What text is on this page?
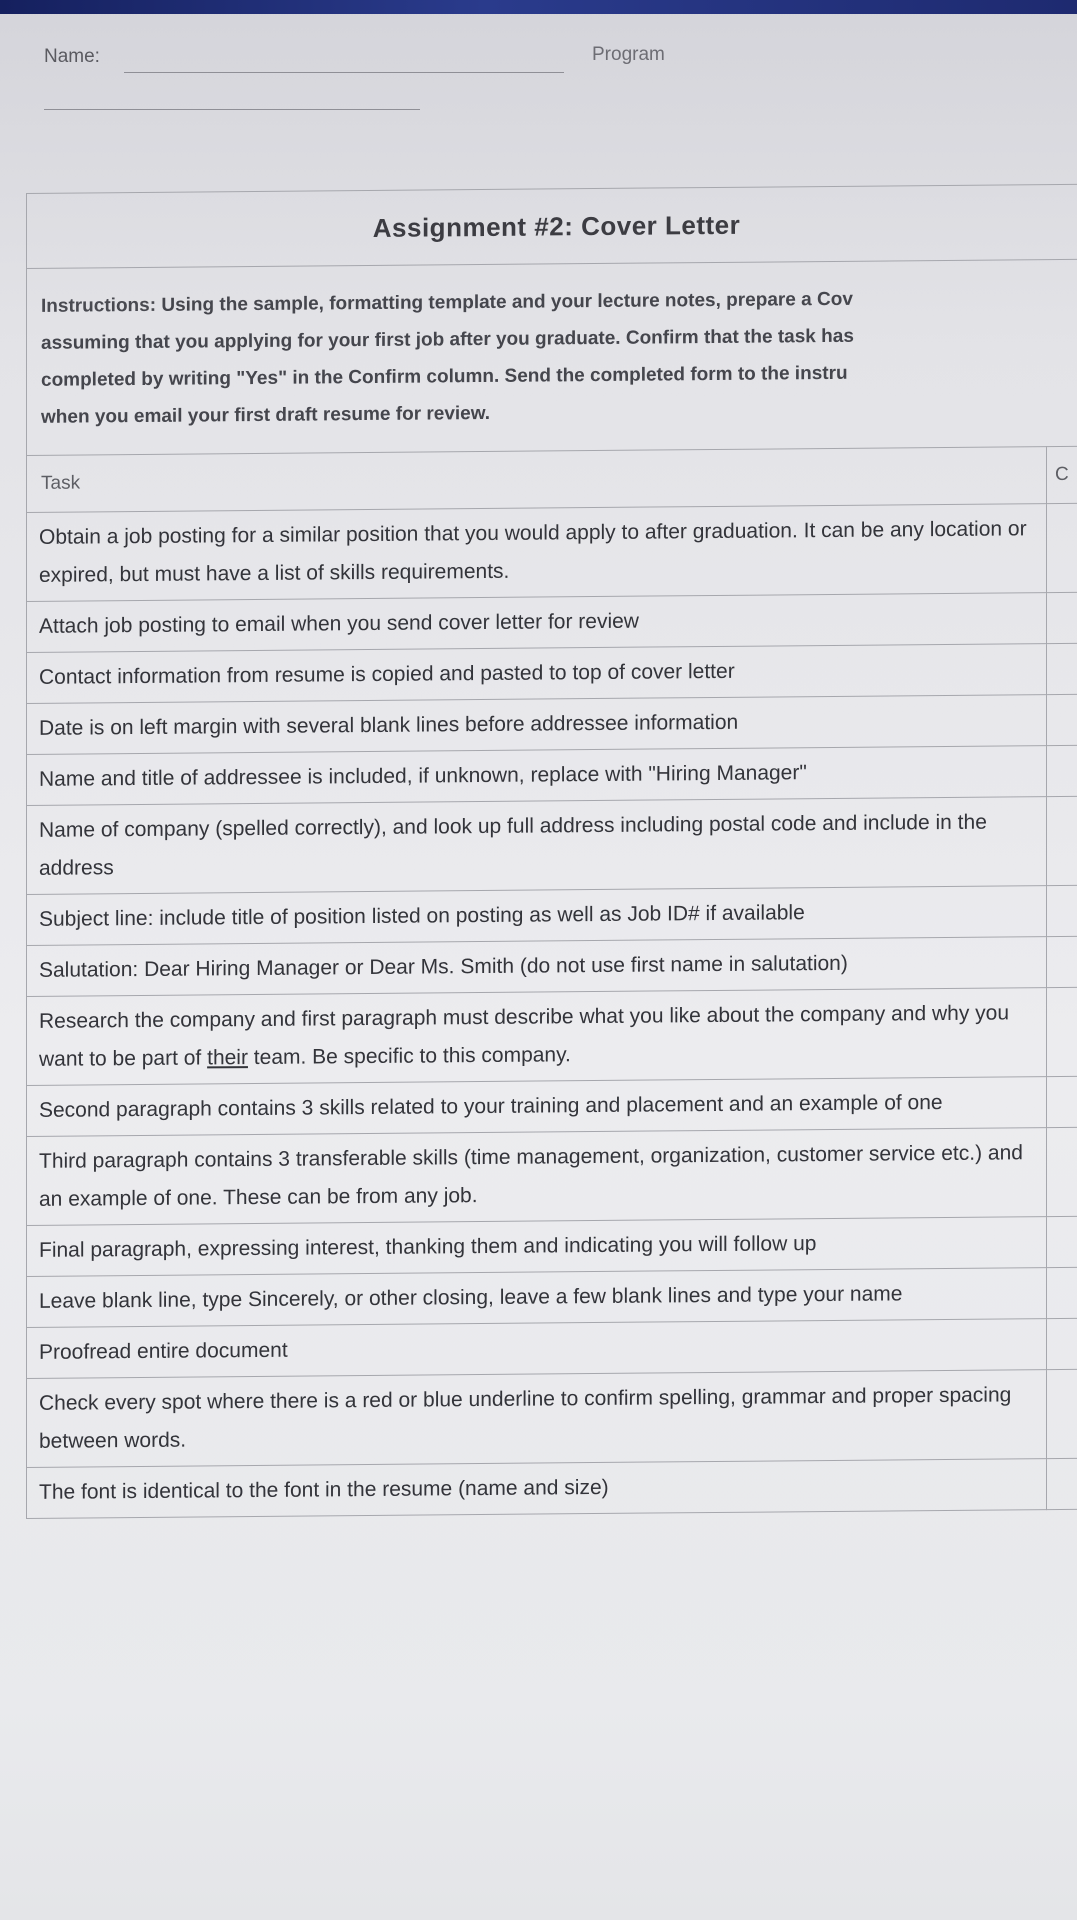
Name:	Program
Assignment #2: Cover Letter	

Instructions: Using the sample, formatting template and your lecture notes, prepare a Cov
assuming that you applying for your first job after you graduate. Confirm that the task has
completed by writing "Yes" in the Confirm column. Send the completed form to the instru
when you email your first draft resume for review.	

Task	C
Obtain a job posting for a similar position that you would apply to after graduation. It can be any location or expired, but must have a list of skills requirements.	
Attach job posting to email when you send cover letter for review	
Contact information from resume is copied and pasted to top of cover letter	
Date is on left margin with several blank lines before addressee information	
Name and title of addressee is included, if unknown, replace with "Hiring Manager"	
Name of company (spelled correctly), and look up full address including postal code and include in the address	
Subject line: include title of position listed on posting as well as Job ID# if available	
Salutation: Dear Hiring Manager or Dear Ms. Smith (do not use first name in salutation)	
Research the company and first paragraph must describe what you like about the company and why you want to be part of their team. Be specific to this company.	
Second paragraph contains 3 skills related to your training and placement and an example of one	
Third paragraph contains 3 transferable skills (time management, organization, customer service etc.) and an example of one. These can be from any job.	
Final paragraph, expressing interest, thanking them and indicating you will follow up	
Leave blank line, type Sincerely, or other closing, leave a few blank lines and type your name	
Proofread entire document	
Check every spot where there is a red or blue underline to confirm spelling, grammar and proper spacing between words.	
The font is identical to the font in the resume (name and size)	
